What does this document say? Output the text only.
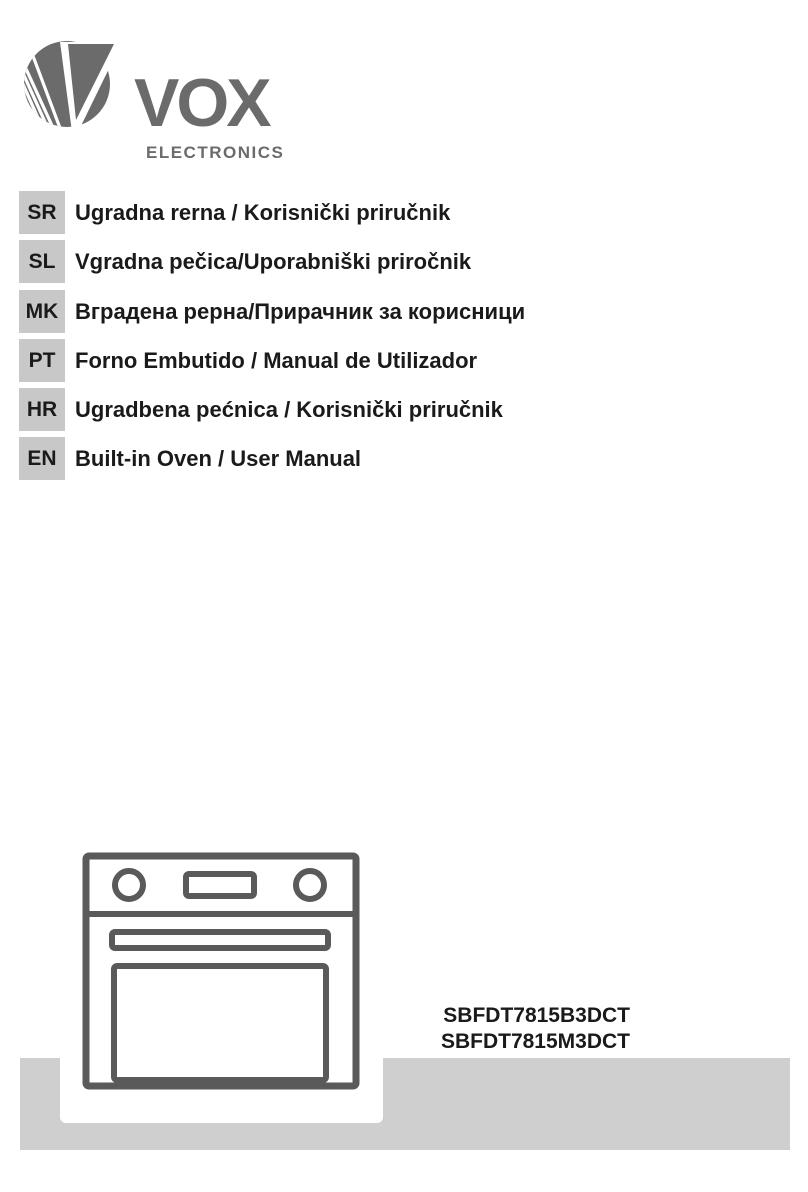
VOX
ELECTRONICS
SR Ugradna rerna / Korisnički priručnik
SL Vgradna pečica/Uporabniški priročnik
MK Вградена рерна/Прирачник за корисници
PT Forno Embutido / Manual de Utilizador
HR Ugradbena pećnica / Korisnički priručnik
EN Built-in Oven / User Manual
SBFDT7815B3DCT
SBFDT7815M3DCT
